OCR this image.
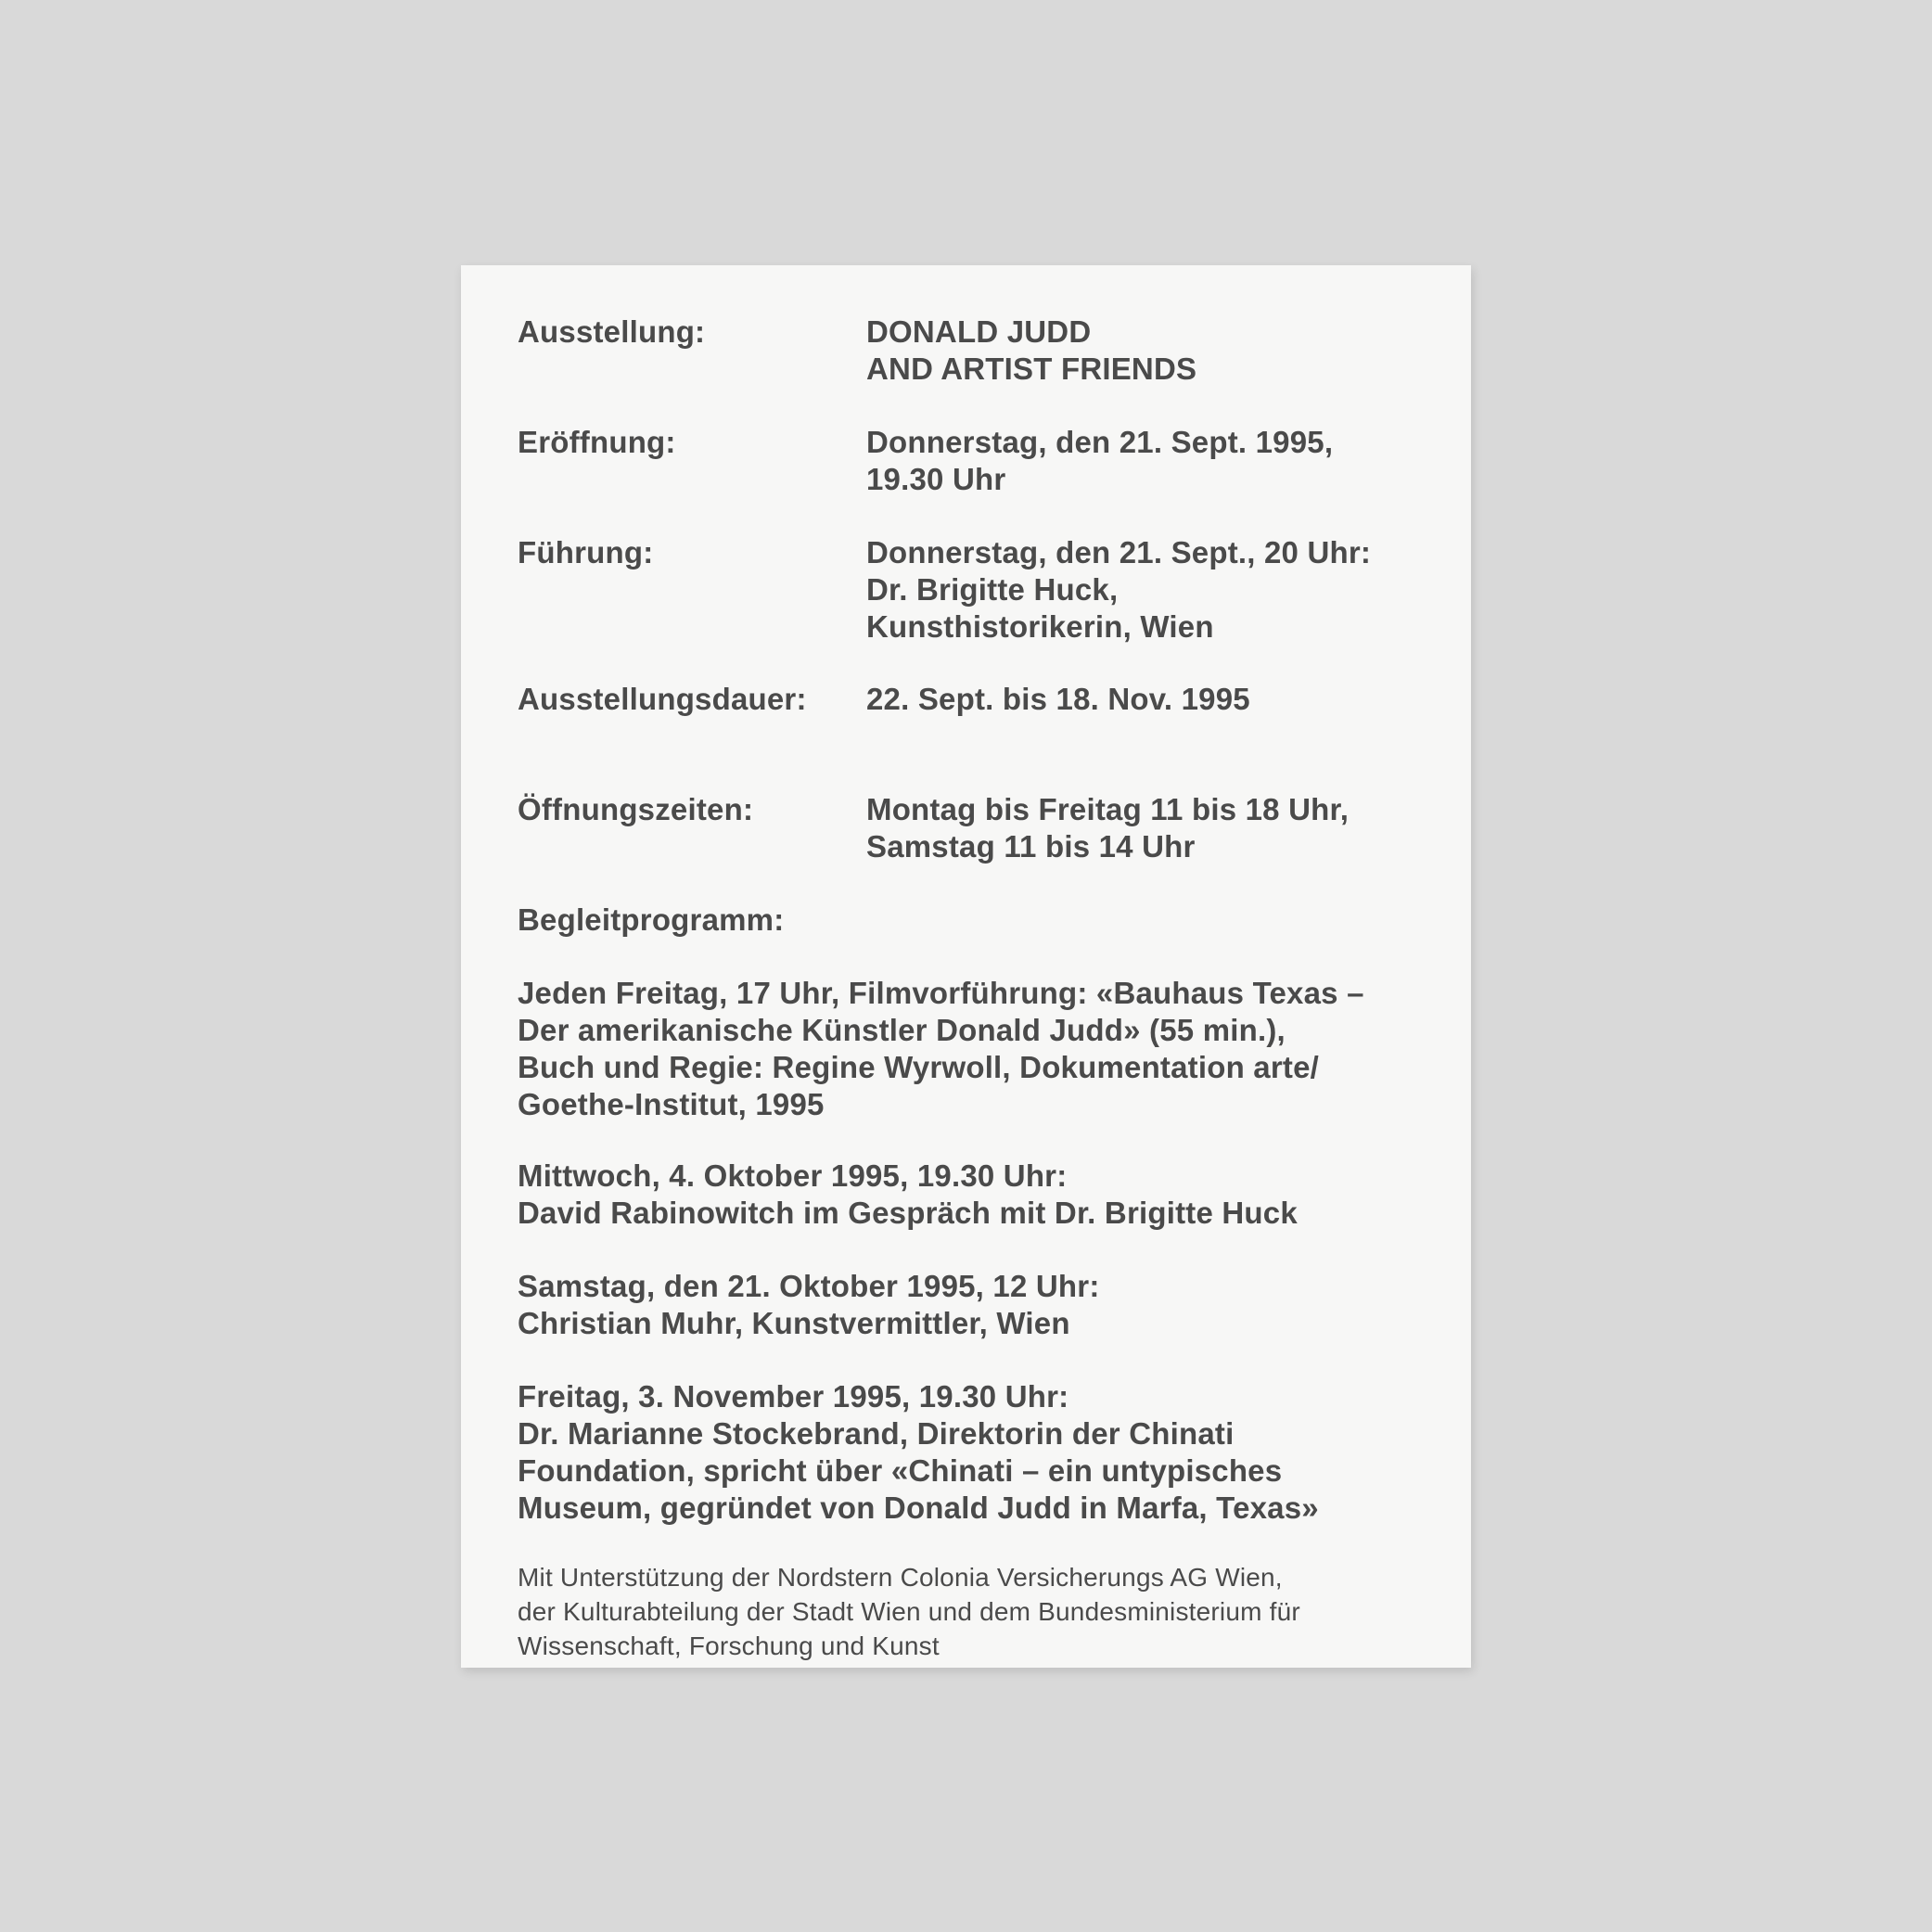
Ausstellung:	DONALD JUDD
AND ARTIST FRIENDS
Eröffnung:	Donnerstag, den 21. Sept. 1995,
19.30 Uhr
Führung:	Donnerstag, den 21. Sept., 20 Uhr:
Dr. Brigitte Huck,
Kunsthistorikerin, Wien
Ausstellungsdauer: 22. Sept. bis 18. Nov. 1995
Öffnungszeiten:	Montag bis Freitag 11 bis 18 Uhr,
Samstag 11 bis 14 Uhr
Begleitprogramm:
Jeden Freitag, 17 Uhr, Filmvorführung: «Bauhaus Texas –
Der amerikanische Künstler Donald Judd» (55 min.),
Buch und Regie: Regine Wyrwoll, Dokumentation arte/
Goethe-Institut, 1995
Mittwoch, 4. Oktober 1995, 19.30 Uhr:
David Rabinowitch im Gespräch mit Dr. Brigitte Huck
Samstag, den 21. Oktober 1995, 12 Uhr:
Christian Muhr, Kunstvermittler, Wien
Freitag, 3. November 1995, 19.30 Uhr:
Dr. Marianne Stockebrand, Direktorin der Chinati
Foundation, spricht über «Chinati – ein untypisches
Museum, gegründet von Donald Judd in Marfa, Texas»
Mit Unterstützung der Nordstern Colonia Versicherungs AG Wien,
der Kulturabteilung der Stadt Wien und dem Bundesministerium für
Wissenschaft, Forschung und Kunst
